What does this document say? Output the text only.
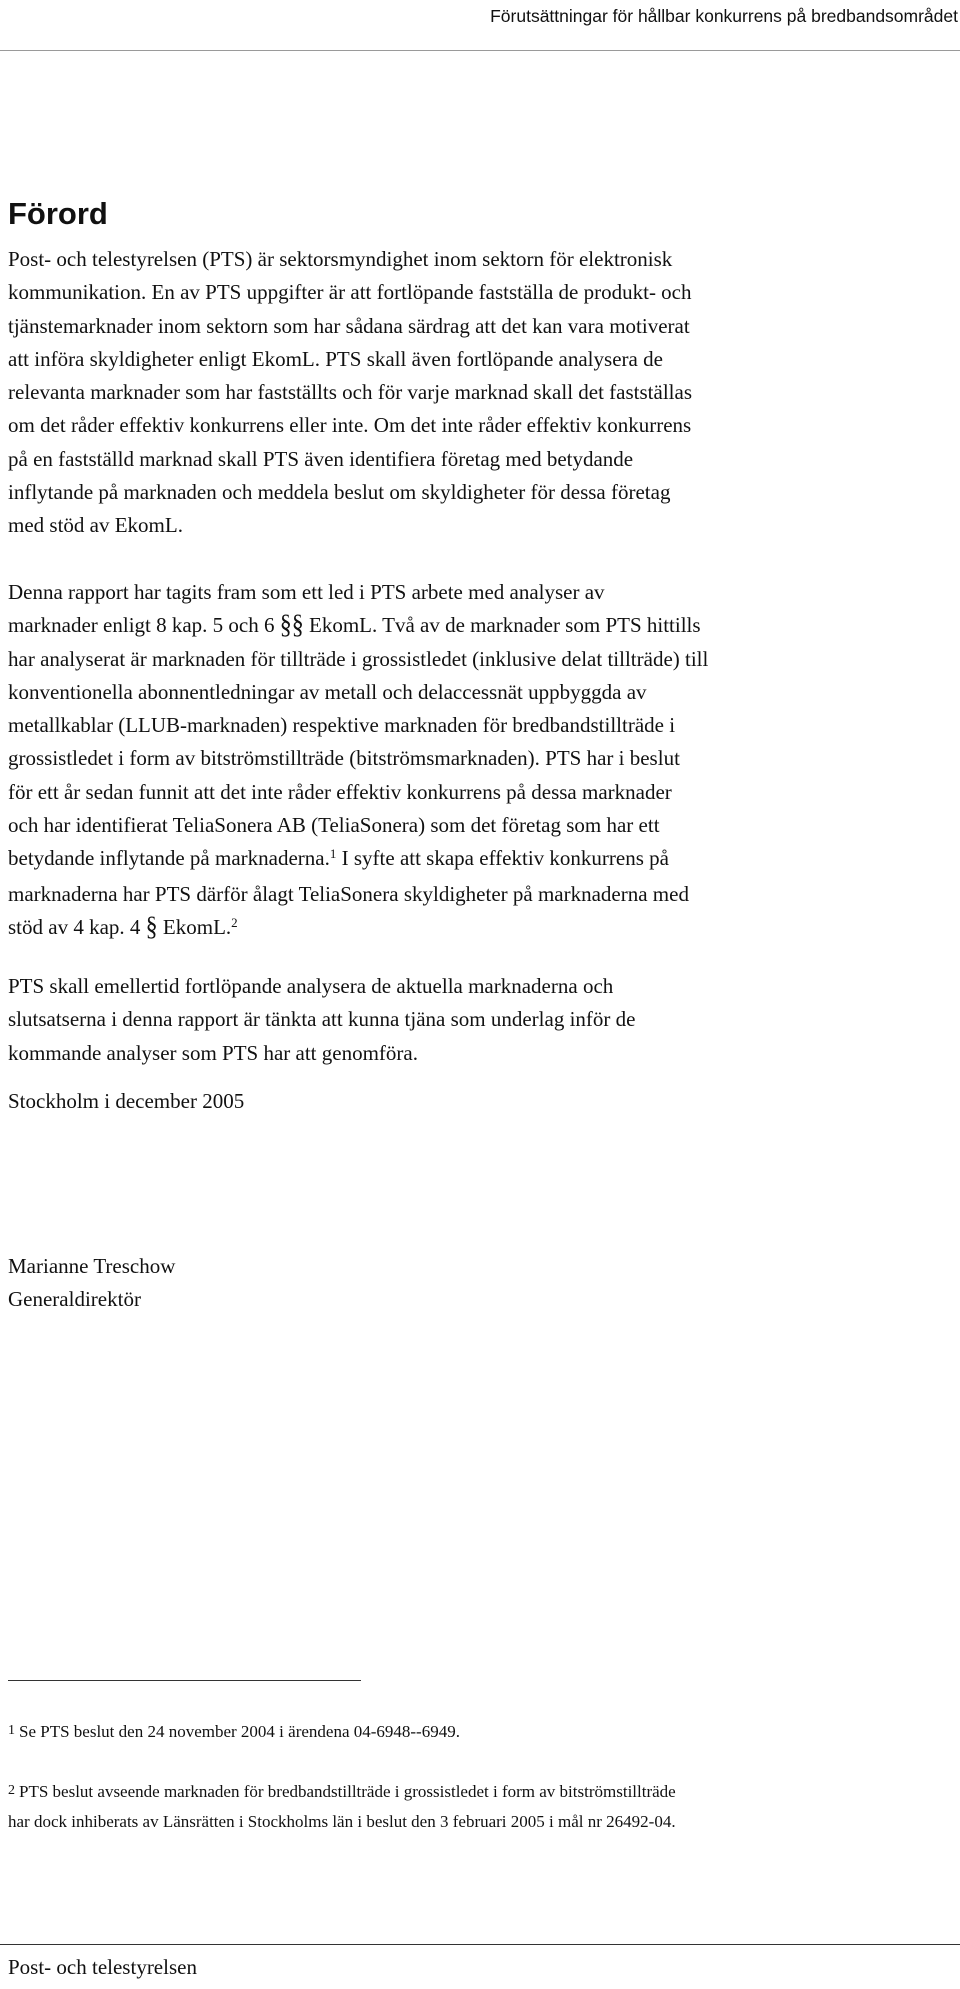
Förutsättningar för hållbar konkurrens på bredbandsområdet
Förord

Post- och telestyrelsen (PTS) är sektorsmyndighet inom sektorn för elektronisk
kommunikation. En av PTS uppgifter är att fortlöpande fastställa de produkt- och
tjänstemarknader inom sektorn som har sådana särdrag att det kan vara motiverat
att införa skyldigheter enligt EkomL. PTS skall även fortlöpande analysera de
relevanta marknader som har fastställts och för varje marknad skall det fastställas
om det råder effektiv konkurrens eller inte. Om det inte råder effektiv konkurrens
på en fastställd marknad skall PTS även identifiera företag med betydande
inflytande på marknaden och meddela beslut om skyldigheter för dessa företag
med stöd av EkomL.

Denna rapport har tagits fram som ett led i PTS arbete med analyser av
marknader enligt 8 kap. 5 och 6 §§ EkomL. Två av de marknader som PTS hittills
har analyserat är marknaden för tillträde i grossistledet (inklusive delat tillträde) till
konventionella abonnentledningar av metall och delaccessnät uppbyggda av
metallkablar (LLUB-marknaden) respektive marknaden för bredbandstillträde i
grossistledet i form av bitströmstillträde (bitströmsmarknaden). PTS har i beslut
för ett år sedan funnit att det inte råder effektiv konkurrens på dessa marknader
och har identifierat TeliaSonera AB (TeliaSonera) som det företag som har ett
betydande inflytande på marknaderna.$^1$ I syfte att skapa effektiv konkurrens på
marknaderna har PTS därför ålagt TeliaSonera skyldigheter på marknaderna med
stöd av 4 kap. 4 § EkomL.$^2$

PTS skall emellertid fortlöpande analysera de aktuella marknaderna och
slutsatserna i denna rapport är tänkta att kunna tjäna som underlag inför de
kommande analyser som PTS har att genomföra.

Stockholm i december 2005

Marianne Treschow
Generaldirektör

1 Se PTS beslut den 24 november 2004 i ärendena 04-6948--6949.

2 PTS beslut avseende marknaden för bredbandstillträde i grossistledet i form av bitströmstillträde
har dock inhiberats av Länsrätten i Stockholms län i beslut den 3 februari 2005 i mål nr 26492-04.

Post- och telestyrelsen
